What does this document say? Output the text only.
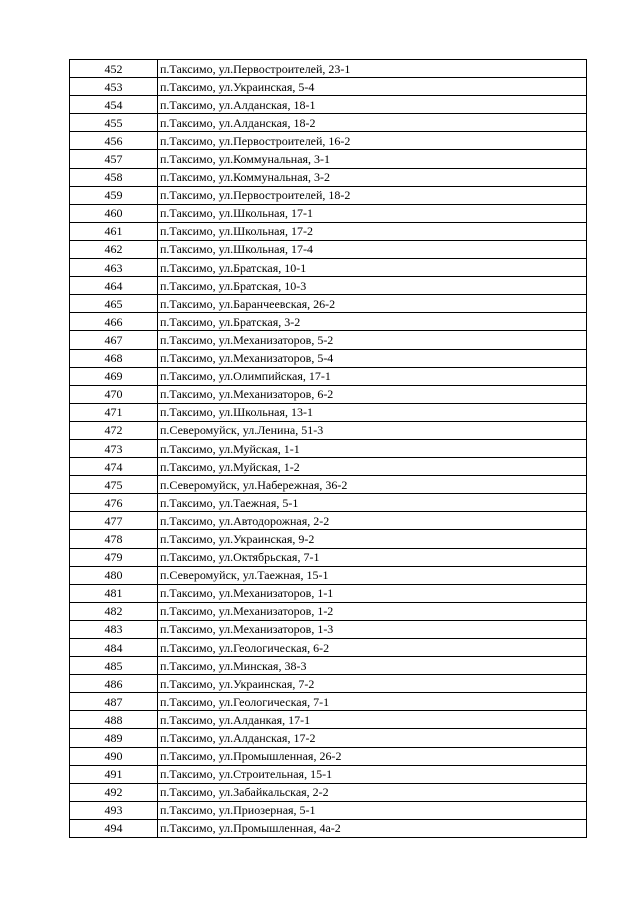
452	п.Таксимо, ул.Первостроителей, 23-1
453	п.Таксимо, ул.Украинская, 5-4
454	п.Таксимо, ул.Алданская, 18-1
455	п.Таксимо, ул.Алданская, 18-2
456	п.Таксимо, ул.Первостроителей, 16-2
457	п.Таксимо, ул.Коммунальная, 3-1
458	п.Таксимо, ул.Коммунальная, 3-2
459	п.Таксимо, ул.Первостроителей, 18-2
460	п.Таксимо, ул.Школьная, 17-1
461	п.Таксимо, ул.Школьная, 17-2
462	п.Таксимо, ул.Школьная, 17-4
463	п.Таксимо, ул.Братская, 10-1
464	п.Таксимо, ул.Братская, 10-3
465	п.Таксимо, ул.Баранчеевская, 26-2
466	п.Таксимо, ул.Братская, 3-2
467	п.Таксимо, ул.Механизаторов, 5-2
468	п.Таксимо, ул.Механизаторов, 5-4
469	п.Таксимо, ул.Олимпийская, 17-1
470	п.Таксимо, ул.Механизаторов, 6-2
471	п.Таксимо, ул.Школьная, 13-1
472	п.Северомуйск, ул.Ленина, 51-3
473	п.Таксимо, ул.Муйская, 1-1
474	п.Таксимо, ул.Муйская, 1-2
475	п.Северомуйск, ул.Набережная, 36-2
476	п.Таксимо, ул.Таежная, 5-1
477	п.Таксимо, ул.Автодорожная, 2-2
478	п.Таксимо, ул.Украинская, 9-2
479	п.Таксимо, ул.Октябрьская, 7-1
480	п.Северомуйск, ул.Таежная, 15-1
481	п.Таксимо, ул.Механизаторов, 1-1
482	п.Таксимо, ул.Механизаторов, 1-2
483	п.Таксимо, ул.Механизаторов, 1-3
484	п.Таксимо, ул.Геологическая, 6-2
485	п.Таксимо, ул.Минская, 38-3
486	п.Таксимо, ул.Украинская, 7-2
487	п.Таксимо, ул.Геологическая, 7-1
488	п.Таксимо, ул.Алданкая, 17-1
489	п.Таксимо, ул.Алданская, 17-2
490	п.Таксимо, ул.Промышленная, 26-2
491	п.Таксимо, ул.Строительная, 15-1
492	п.Таксимо, ул.Забайкальская, 2-2
493	п.Таксимо, ул.Приозерная, 5-1
494	п.Таксимо, ул.Промышленная, 4а-2
